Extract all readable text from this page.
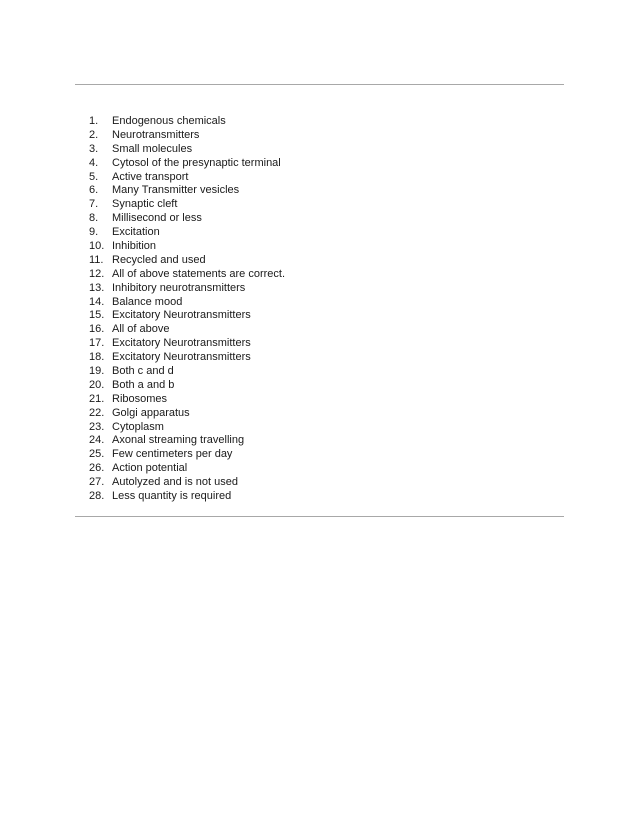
1.	Endogenous chemicals
2.	Neurotransmitters
3.	Small molecules
4.	Cytosol of the presynaptic terminal
5.	Active transport
6.	Many Transmitter vesicles
7.	Synaptic cleft
8.	Millisecond or less
9.	Excitation
10. Inhibition
11. Recycled and used
12. All of above statements are correct.
13. Inhibitory neurotransmitters
14. Balance mood
15. Excitatory Neurotransmitters
16. All of above
17. Excitatory Neurotransmitters
18. Excitatory Neurotransmitters
19. Both c and d
20. Both a and b
21. Ribosomes
22. Golgi apparatus
23. Cytoplasm
24. Axonal streaming travelling
25. Few centimeters per day
26. Action potential
27. Autolyzed and is not used
28. Less quantity is required
